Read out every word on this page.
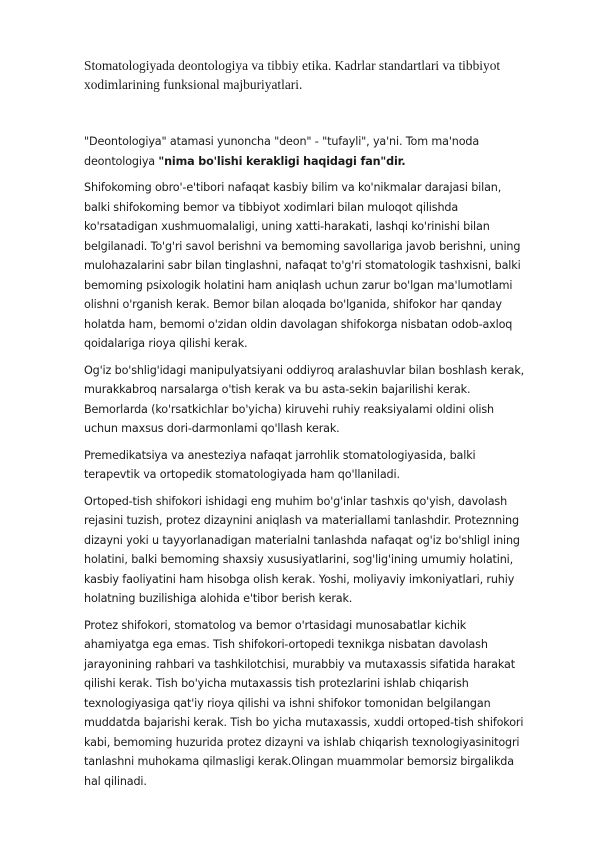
Stomatologiyada deontologiya va tibbiy etika. Kadrlar standartlari va tibbiyot xodimlarining funksional majburiyatlari.

"Deontologiya" atamasi yunoncha "deon" - "tufayli", ya'ni. Tom ma'noda deontologiya "nima bo'lishi kerakligi haqidagi fan"dir.

Shifokoming obro'-e'tibori nafaqat kasbiy bilim va ko'nikmalar darajasi bilan, balki shifokoming bemor va tibbiyot xodimlari bilan muloqot qilishda ko'rsatadigan xushmuomalaligi, uning xatti-harakati, lashqi ko'rinishi bilan belgilanadi. To'g'ri savol berishni va bemoming savollariga javob berishni, uning mulohazalarini sabr bilan tinglashni, nafaqat to'g'ri stomatologik tashxisni, balki bemoming psixologik holatini ham aniqlash uchun zarur bo'lgan ma'lumotlami olishni o'rganish kerak. Bemor bilan aloqada bo'lganida, shifokor har qanday holatda ham, bemomi o'zidan oldin davolagan shifokorga nisbatan odob-axloq qoidalariga rioya qilishi kerak.

Og'iz bo'shlig'idagi manipulyatsiyani oddiyroq aralashuvlar bilan boshlash kerak, murakkabroq narsalarga o'tish kerak va bu asta-sekin bajarilishi kerak. Bemorlarda (ko'rsatkichlar bo'yicha) kiruvehi ruhiy reaksiyalami oldini olish uchun maxsus dori-darmonlami qo'llash kerak.

Premedikatsiya va anesteziya nafaqat jarrohlik stomatologiyasida, balki terapevtik va ortopedik stomatologiyada ham qo'llaniladi.

Ortoped-tish shifokori ishidagi eng muhim bo'g'inlar tashxis qo'yish, davolash rejasini tuzish, protez dizaynini aniqlash va materiallami tanlashdir. Proteznning dizayni yoki u tayyorlanadigan materialni tanlashda nafaqat og'iz bo'shligl ining holatini, balki bemoming shaxsiy xususiyatlarini, sog'lig'ining umumiy holatini, kasbiy faoliyatini ham hisobga olish kerak. Yoshi, moliyaviy imkoniyatlari, ruhiy holatning buzilishiga alohida e'tibor berish kerak.

Protez shifokori, stomatolog va bemor o'rtasidagi munosabatlar kichik ahamiyatga ega emas. Tish shifokori-ortopedi texnikga nisbatan davolash jarayonining rahbari va tashkilotchisi, murabbiy va mutaxassis sifatida harakat qilishi kerak. Tish bo'yicha mutaxassis tish protezlarini ishlab chiqarish texnologiyasiga qat'iy rioya qilishi va ishni shifokor tomonidan belgilangan muddatda bajarishi kerak. Tish bo yicha mutaxassis, xuddi ortoped-tish shifokori kabi, bemoming huzurida protez dizayni va ishlab chiqarish texnologiyasinitogri tanlashni muhokama qilmasligi kerak.Olingan muammolar bemorsiz birgalikda hal qilinadi.
